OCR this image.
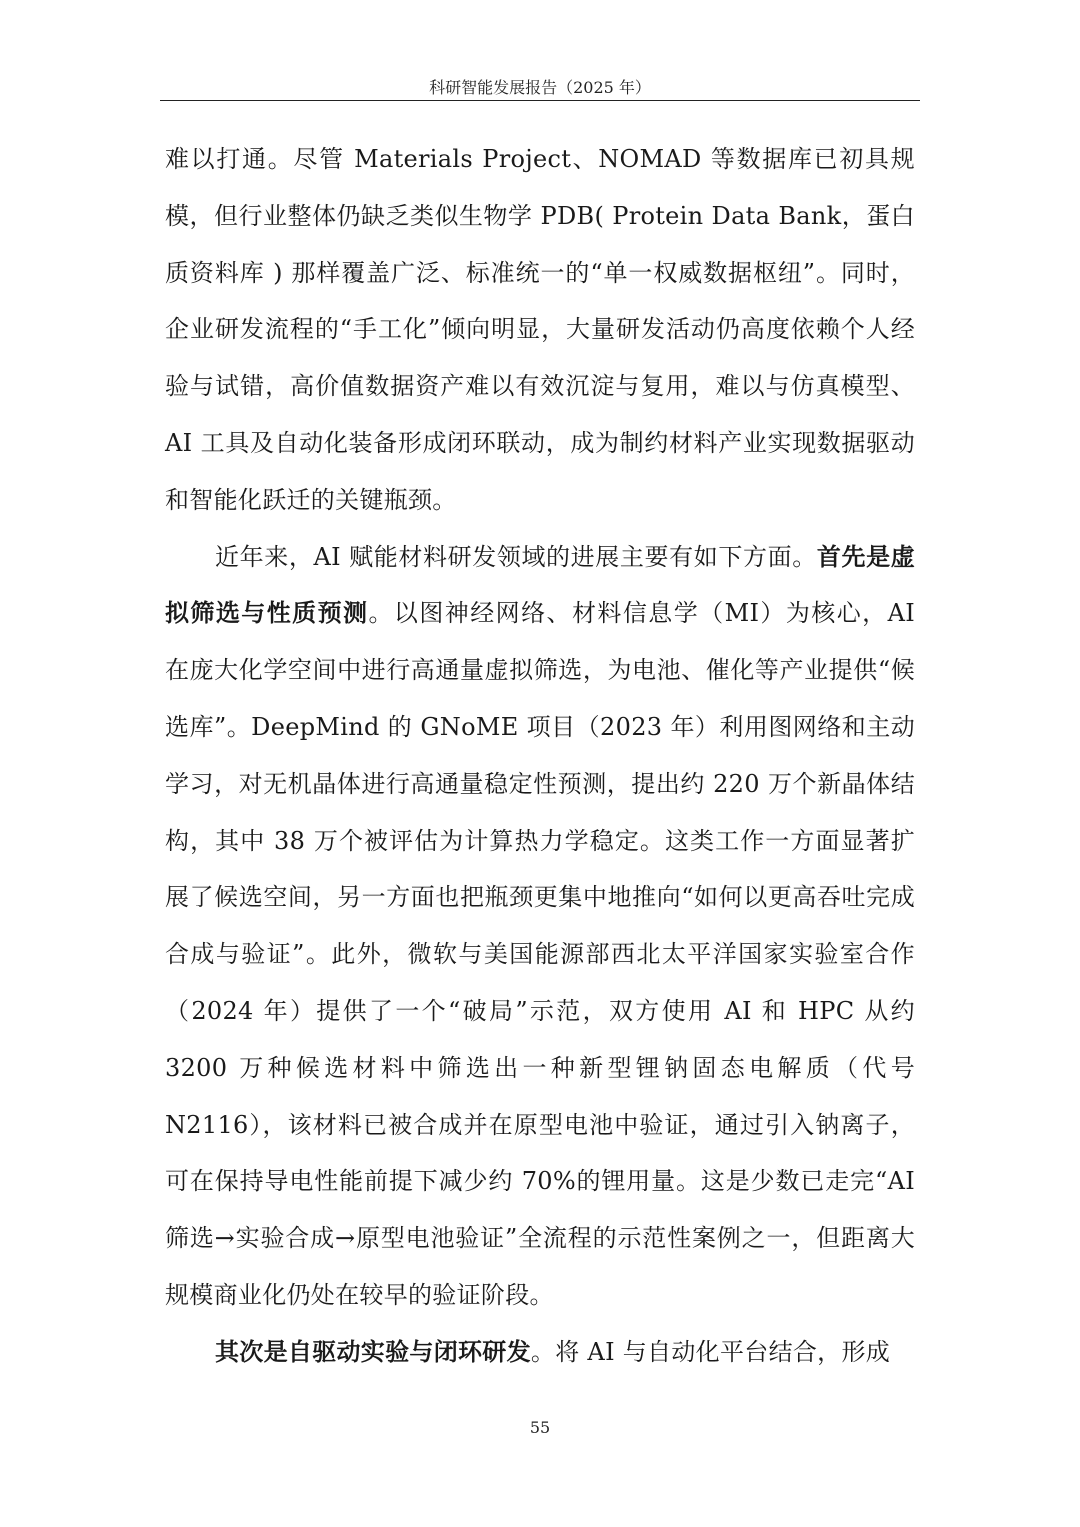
科研智能发展报告（2025 年）

难以打通。尽管 Materials Project、NOMAD 等数据库已初具规模，但行业整体仍缺乏类似生物学 PDB( Protein Data Bank，蛋白质资料库 ) 那样覆盖广泛、标准统一的“单一权威数据枢纽”。同时，企业研发流程的“手工化”倾向明显，大量研发活动仍高度依赖个人经验与试错，高价值数据资产难以有效沉淀与复用，难以与仿真模型、AI 工具及自动化装备形成闭环联动，成为制约材料产业实现数据驱动和智能化跃迁的关键瓶颈。

近年来，AI 赋能材料研发领域的进展主要有如下方面。首先是虚拟筛选与性质预测。以图神经网络、材料信息学（MI）为核心，AI 在庞大化学空间中进行高通量虚拟筛选，为电池、催化等产业提供“候选库”。DeepMind 的 GNoME 项目（2023 年）利用图网络和主动学习，对无机晶体进行高通量稳定性预测，提出约 220 万个新晶体结构，其中 38 万个被评估为计算热力学稳定。这类工作一方面显著扩展了候选空间，另一方面也把瓶颈更集中地推向“如何以更高吞吐完成合成与验证”。此外，微软与美国能源部西北太平洋国家实验室合作（2024 年）提供了一个“破局”示范，双方使用 AI 和 HPC 从约 3200 万种候选材料中筛选出一种新型锂钠固态电解质（代号 N2116），该材料已被合成并在原型电池中验证，通过引入钠离子，可在保持导电性能前提下减少约 70%的锂用量。这是少数已走完“AI 筛选→实验合成→原型电池验证”全流程的示范性案例之一，但距离大规模商业化仍处在较早的验证阶段。

其次是自驱动实验与闭环研发。将 AI 与自动化平台结合，形成

55
